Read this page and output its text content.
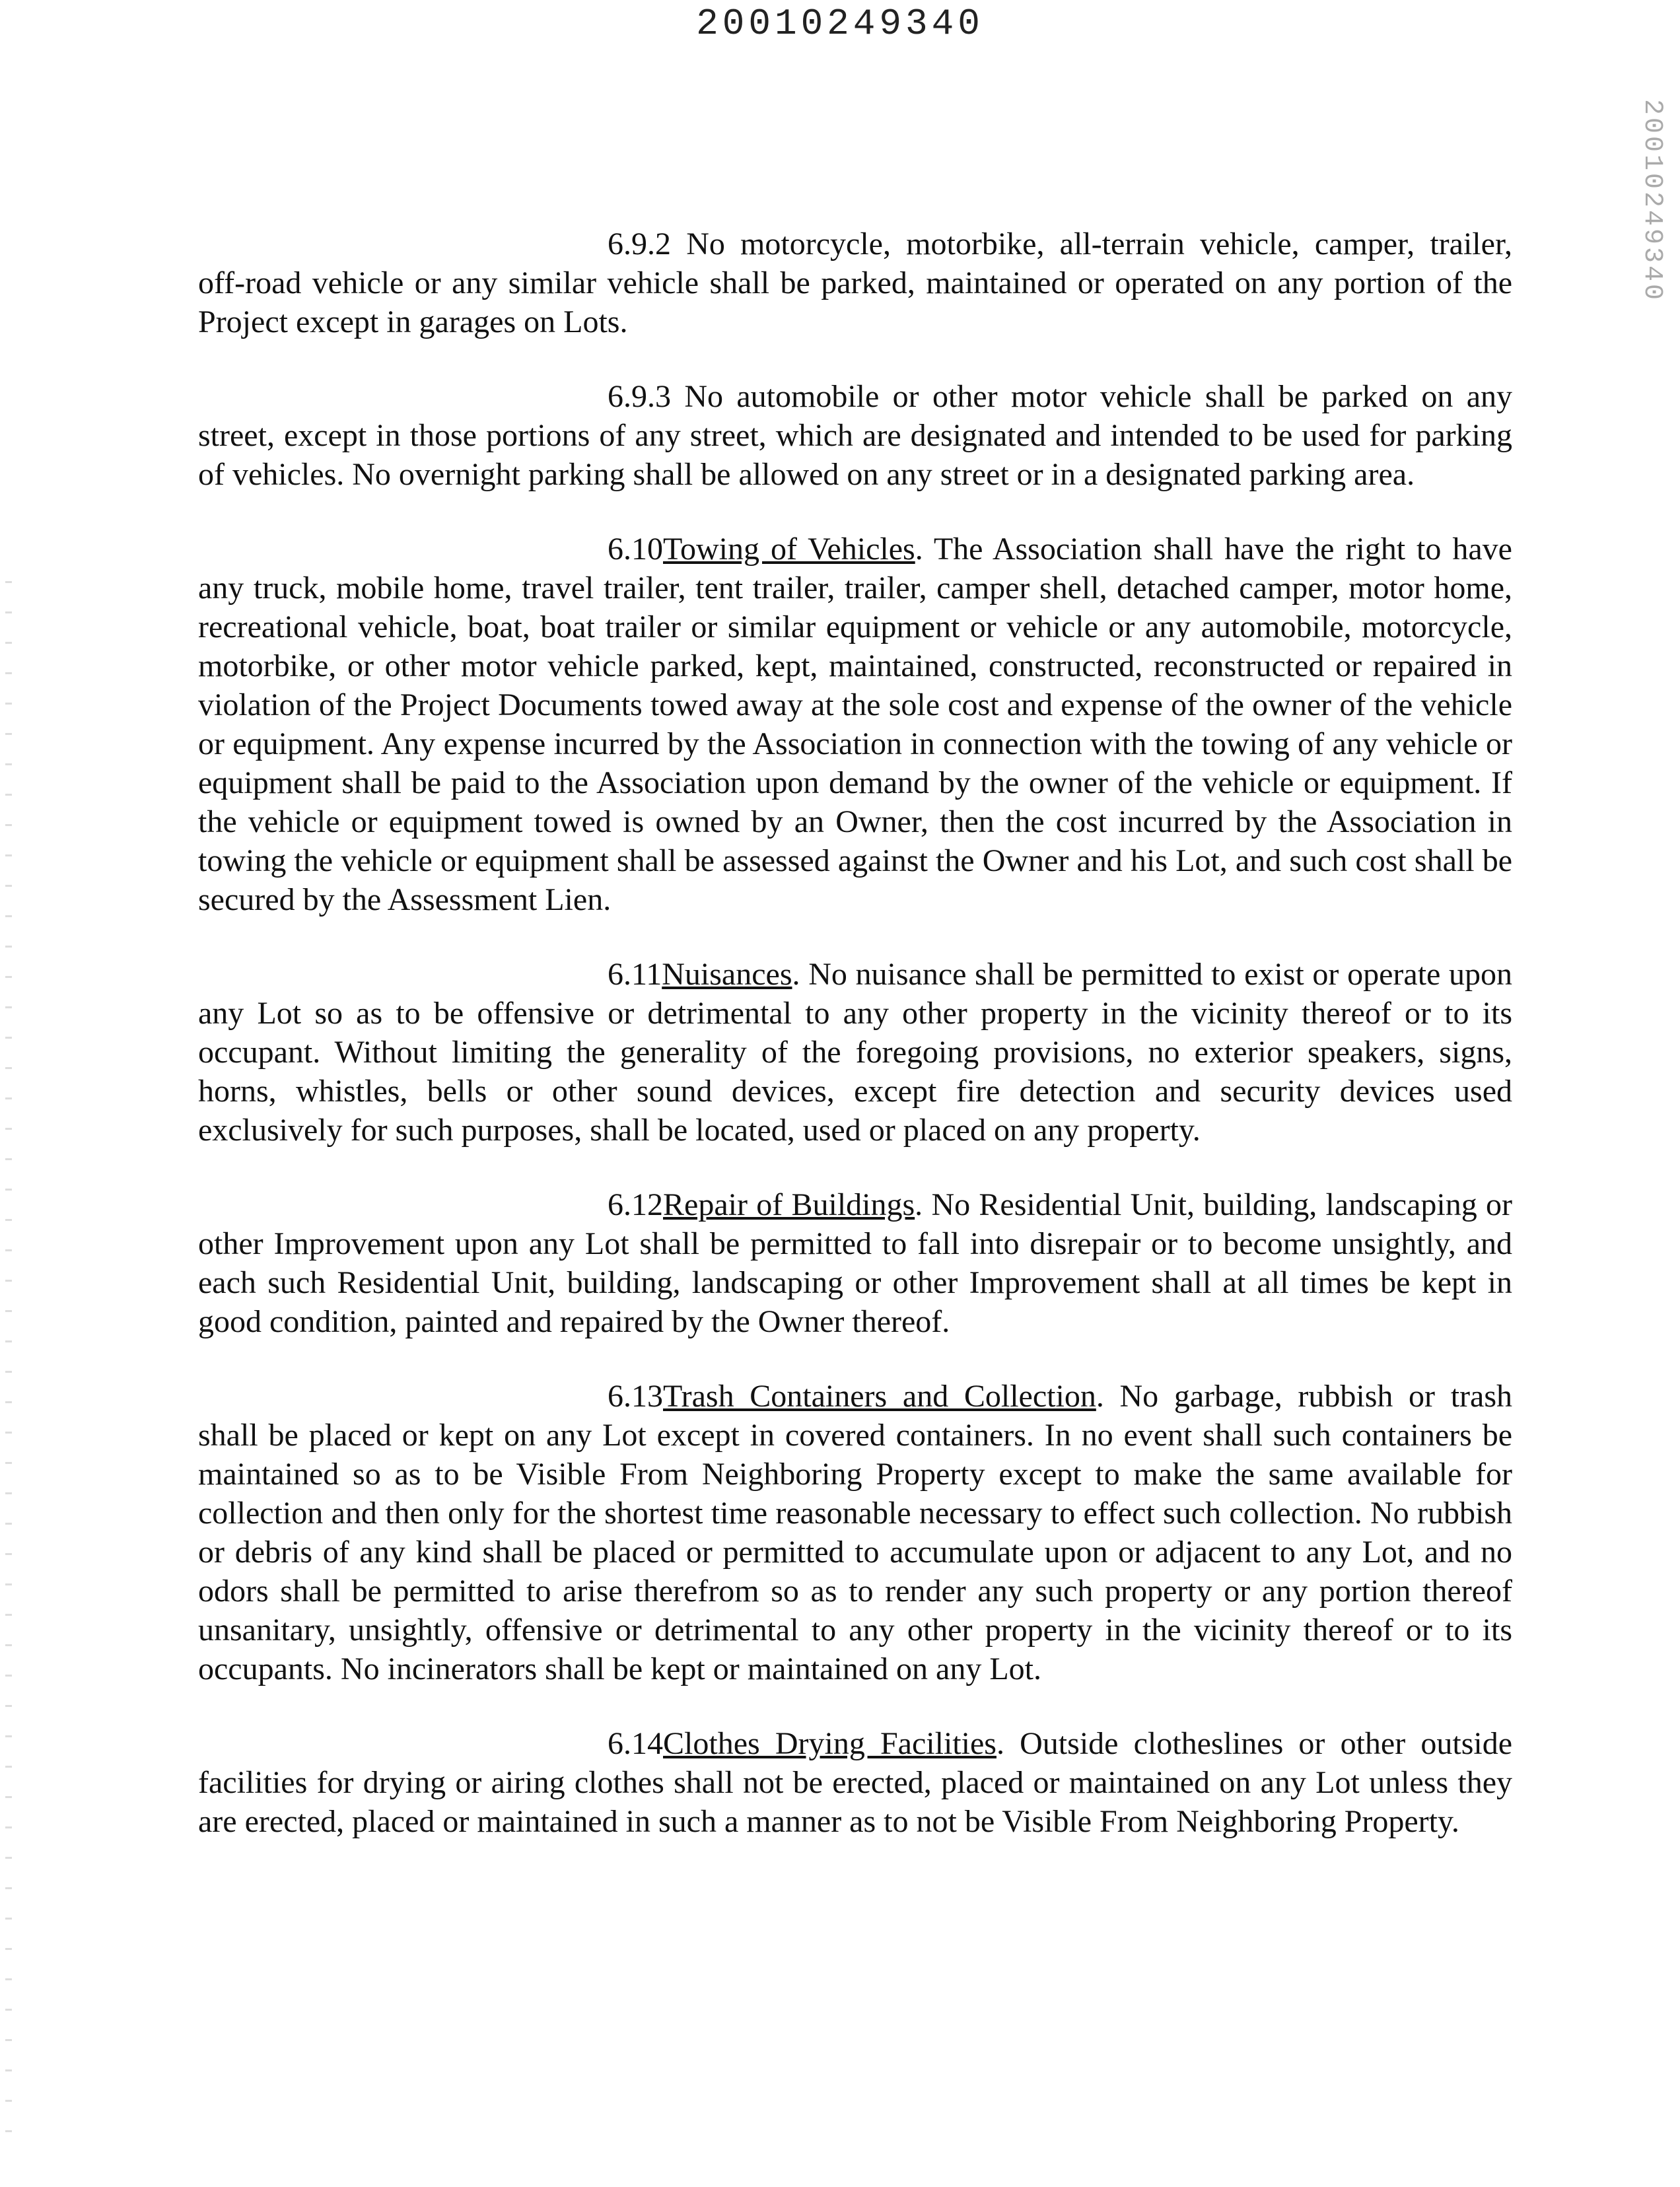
20010249340
20010249340

6.9.2 No motorcycle, motorbike, all-terrain vehicle, camper, trailer, off-road vehicle or any similar vehicle shall be parked, maintained or operated on any portion of the Project except in garages on Lots.

6.9.3 No automobile or other motor vehicle shall be parked on any street, except in those portions of any street, which are designated and intended to be used for parking of vehicles. No overnight parking shall be allowed on any street or in a designated parking area.

6.10Towing of Vehicles. The Association shall have the right to have any truck, mobile home, travel trailer, tent trailer, trailer, camper shell, detached camper, motor home, recreational vehicle, boat, boat trailer or similar equipment or vehicle or any automobile, motorcycle, motorbike, or other motor vehicle parked, kept, maintained, constructed, reconstructed or repaired in violation of the Project Documents towed away at the sole cost and expense of the owner of the vehicle or equipment. Any expense incurred by the Association in connection with the towing of any vehicle or equipment shall be paid to the Association upon demand by the owner of the vehicle or equipment. If the vehicle or equipment towed is owned by an Owner, then the cost incurred by the Association in towing the vehicle or equipment shall be assessed against the Owner and his Lot, and such cost shall be secured by the Assessment Lien.

6.11Nuisances. No nuisance shall be permitted to exist or operate upon any Lot so as to be offensive or detrimental to any other property in the vicinity thereof or to its occupant. Without limiting the generality of the foregoing provisions, no exterior speakers, signs, horns, whistles, bells or other sound devices, except fire detection and security devices used exclusively for such purposes, shall be located, used or placed on any property.

6.12Repair of Buildings. No Residential Unit, building, landscaping or other Improvement upon any Lot shall be permitted to fall into disrepair or to become unsightly, and each such Residential Unit, building, landscaping or other Improvement shall at all times be kept in good condition, painted and repaired by the Owner thereof.

6.13Trash Containers and Collection. No garbage, rubbish or trash shall be placed or kept on any Lot except in covered containers. In no event shall such containers be maintained so as to be Visible From Neighboring Property except to make the same available for collection and then only for the shortest time reasonable necessary to effect such collection. No rubbish or debris of any kind shall be placed or permitted to accumulate upon or adjacent to any Lot, and no odors shall be permitted to arise therefrom so as to render any such property or any portion thereof unsanitary, unsightly, offensive or detrimental to any other property in the vicinity thereof or to its occupants. No incinerators shall be kept or maintained on any Lot.

6.14Clothes Drying Facilities. Outside clotheslines or other outside facilities for drying or airing clothes shall not be erected, placed or maintained on any Lot unless they are erected, placed or maintained in such a manner as to not be Visible From Neighboring Property.
